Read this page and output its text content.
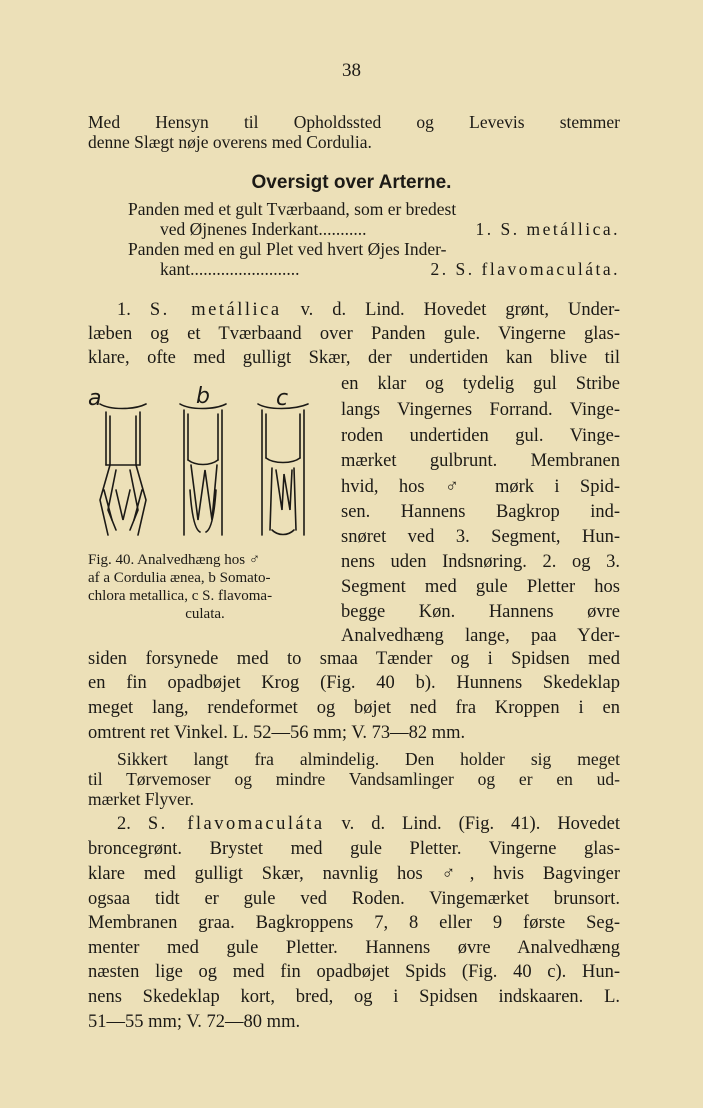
38
Med Hensyn til Opholdssted og Levevis stemmer
denne Slægt nøje overens med Cordulia.
Oversigt over Arterne.
Panden med et gult Tværbaand, som er bredest
ved Øjnenes Inderkant...........	1. S. metállica.
Panden med en gul Plet ved hvert Øjes Inder-
kant.........................	2. S. flavomaculáta.
1. S. metállica v. d. Lind. Hovedet grønt, Under-
læben og et Tværbaand over Panden gule. Vingerne glas-
klare, ofte med gulligt Skær, der undertiden kan blive til
en klar og tydelig gul Stribe
langs Vingernes Forrand. Vinge-
roden undertiden gul. Vinge-
mærket gulbrunt. Membranen
hvid, hos ♂ mørk i Spid-
sen. Hannens Bagkrop ind-
snøret ved 3. Segment, Hun-
nens uden Indsnøring. 2. og 3.
Segment med gule Pletter hos
begge Køn. Hannens øvre
Analvedhæng lange, paa Yder-
siden forsynede med to smaa Tænder og i Spidsen med
en fin opadbøjet Krog (Fig. 40 b). Hunnens Skedeklap
meget lang, rendeformet og bøjet ned fra Kroppen i en
omtrent ret Vinkel. L. 52—56 mm; V. 73—82 mm.
a	b	c
Fig. 40. Analvedhæng hos ♂
af a Cordulia ænea, b Somato-
chlora metallica, c S. flavoma-
culata.
Sikkert langt fra almindelig. Den holder sig meget
til Tørvemoser og mindre Vandsamlinger og er en ud-
mærket Flyver.
2. S. flavomaculáta v. d. Lind. (Fig. 41). Hovedet
broncegrønt. Brystet med gule Pletter. Vingerne glas-
klare med gulligt Skær, navnlig hos ♂, hvis Bagvinger
ogsaa tidt er gule ved Roden. Vingemærket brunsort.
Membranen graa. Bagkroppens 7, 8 eller 9 første Seg-
menter med gule Pletter. Hannens øvre Analvedhæng
næsten lige og med fin opadbøjet Spids (Fig. 40 c). Hun-
nens Skedeklap kort, bred, og i Spidsen indskaaren. L.
51—55 mm; V. 72—80 mm.
